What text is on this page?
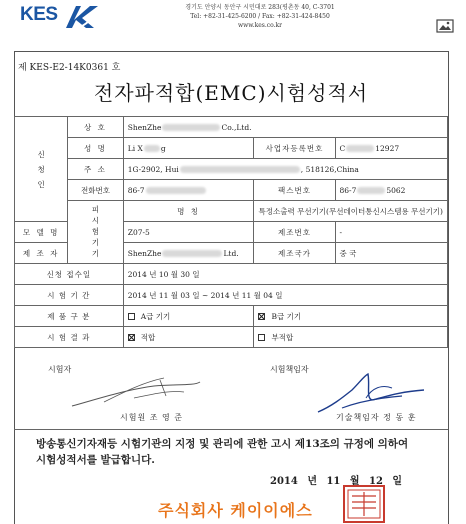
KES	경기도 안양시 동안구 시민대로 283(평촌동 40, C-3701
Tel: +82-31-425-6200 / Fax: +82-31-424-8450
www.kes.co.kr
제 KES-E2-14K0361 호
전자파적합(EMC)시험성적서
신청인	상 호	ShenZhe Co.,Ltd.		
	성 명	Li X g	사업자등록번호	C 12927
	주 소	1G-2902, Hui , 518126,China		
	전화번호	86-7	팩스번호	86-7 5062
	피시험기기	명 칭	특정소출력 무선기기(무선데이터통신시스템용 무선기기)	
모 델 명		Z07-5	제조번호	-
제 조 자		ShenZhe Ltd.	제조국가	중 국
신청 접수일		2014 년 10 월 30 일		
시 험 기 간		2014 년 11 월 03 일 ~ 2014 년 11 월 04 일		
제 품 구 분		A급 기기	B급 기기	
시 험 결 과		적합	부적합	
시험자	시험책임자
시험원 조 영 준	기술책임자 정 동 훈
방송통신기자재등 시험기관의 지정 및 관리에 관한 고시 제13조의 규정에 의하여
시험성적서를 발급합니다.
2014 년 11 월 12 일
주식회사 케이이에스
